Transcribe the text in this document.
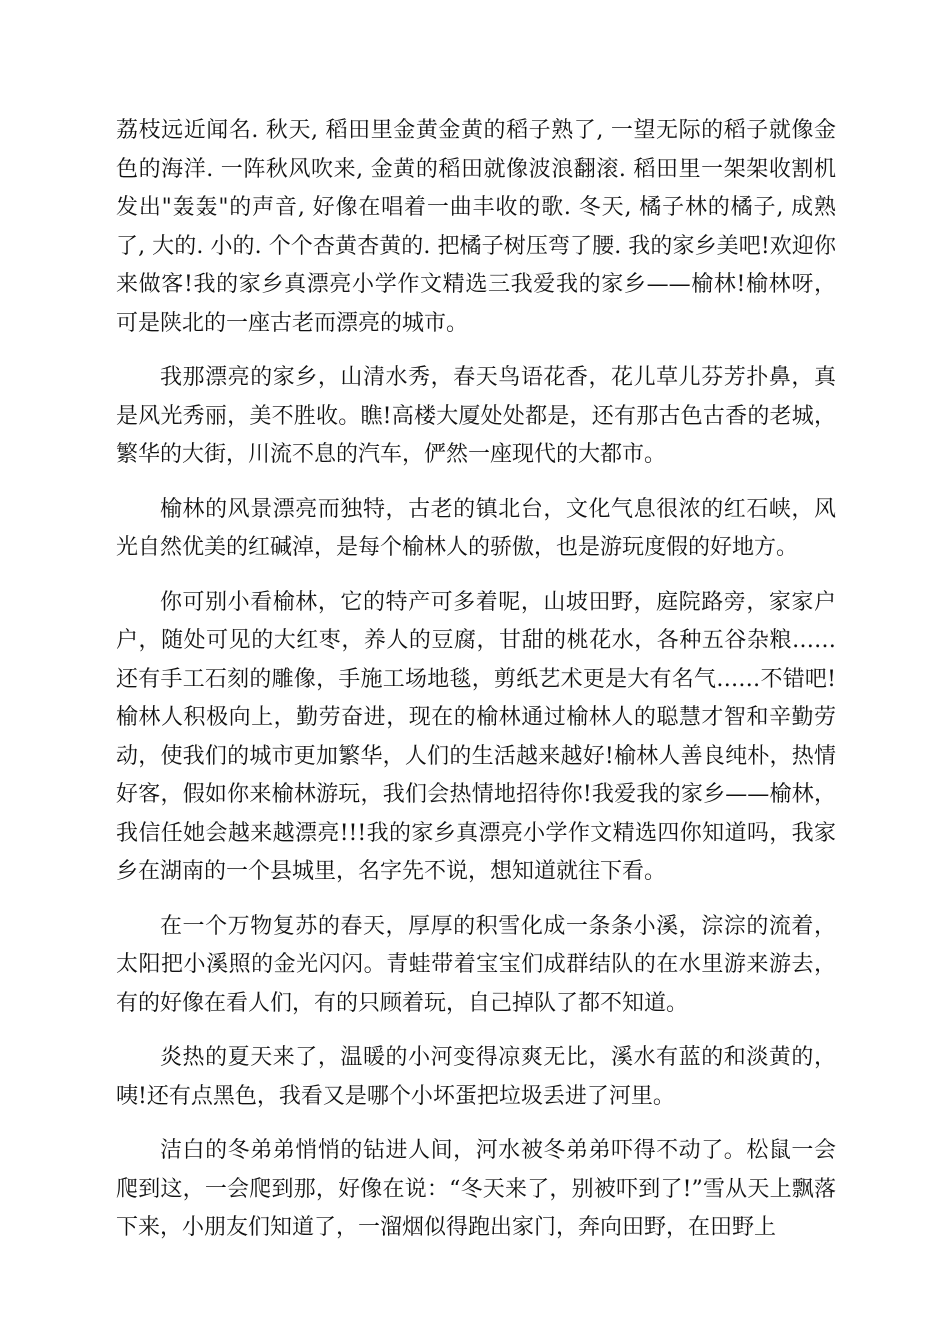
荔枝远近闻名. 秋天, 稻田里金黄金黄的稻子熟了, 一望无际的稻子就像金色的海洋. 一阵秋风吹来, 金黄的稻田就像波浪翻滚. 稻田里一架架收割机发出"轰轰"的声音, 好像在唱着一曲丰收的歌. 冬天, 橘子林的橘子, 成熟了, 大的. 小的. 个个杏黄杏黄的. 把橘子树压弯了腰. 我的家乡美吧!欢迎你来做客!我的家乡真漂亮小学作文精选三我爱我的家乡——榆林!榆林呀，可是陕北的一座古老而漂亮的城市。

我那漂亮的家乡，山清水秀，春天鸟语花香，花儿草儿芬芳扑鼻，真是风光秀丽，美不胜收。瞧!高楼大厦处处都是，还有那古色古香的老城，繁华的大街，川流不息的汽车，俨然一座现代的大都市。

榆林的风景漂亮而独特，古老的镇北台，文化气息很浓的红石峡，风光自然优美的红碱淖，是每个榆林人的骄傲，也是游玩度假的好地方。

你可别小看榆林，它的特产可多着呢，山坡田野，庭院路旁，家家户户，随处可见的大红枣，养人的豆腐，甘甜的桃花水，各种五谷杂粮……还有手工石刻的雕像，手施工场地毯，剪纸艺术更是大有名气……不错吧!榆林人积极向上，勤劳奋进，现在的榆林通过榆林人的聪慧才智和辛勤劳动，使我们的城市更加繁华，人们的生活越来越好!榆林人善良纯朴，热情好客，假如你来榆林游玩，我们会热情地招待你!我爱我的家乡——榆林，我信任她会越来越漂亮!!!我的家乡真漂亮小学作文精选四你知道吗，我家乡在湖南的一个县城里，名字先不说，想知道就往下看。

在一个万物复苏的春天，厚厚的积雪化成一条条小溪，淙淙的流着，太阳把小溪照的金光闪闪。青蛙带着宝宝们成群结队的在水里游来游去，有的好像在看人们，有的只顾着玩，自己掉队了都不知道。

炎热的夏天来了，温暖的小河变得凉爽无比，溪水有蓝的和淡黄的，咦!还有点黑色，我看又是哪个小坏蛋把垃圾丢进了河里。

洁白的冬弟弟悄悄的钻进人间，河水被冬弟弟吓得不动了。松鼠一会爬到这，一会爬到那，好像在说：“冬天来了，别被吓到了!”雪从天上飘落下来，小朋友们知道了，一溜烟似得跑出家门，奔向田野，在田野上
